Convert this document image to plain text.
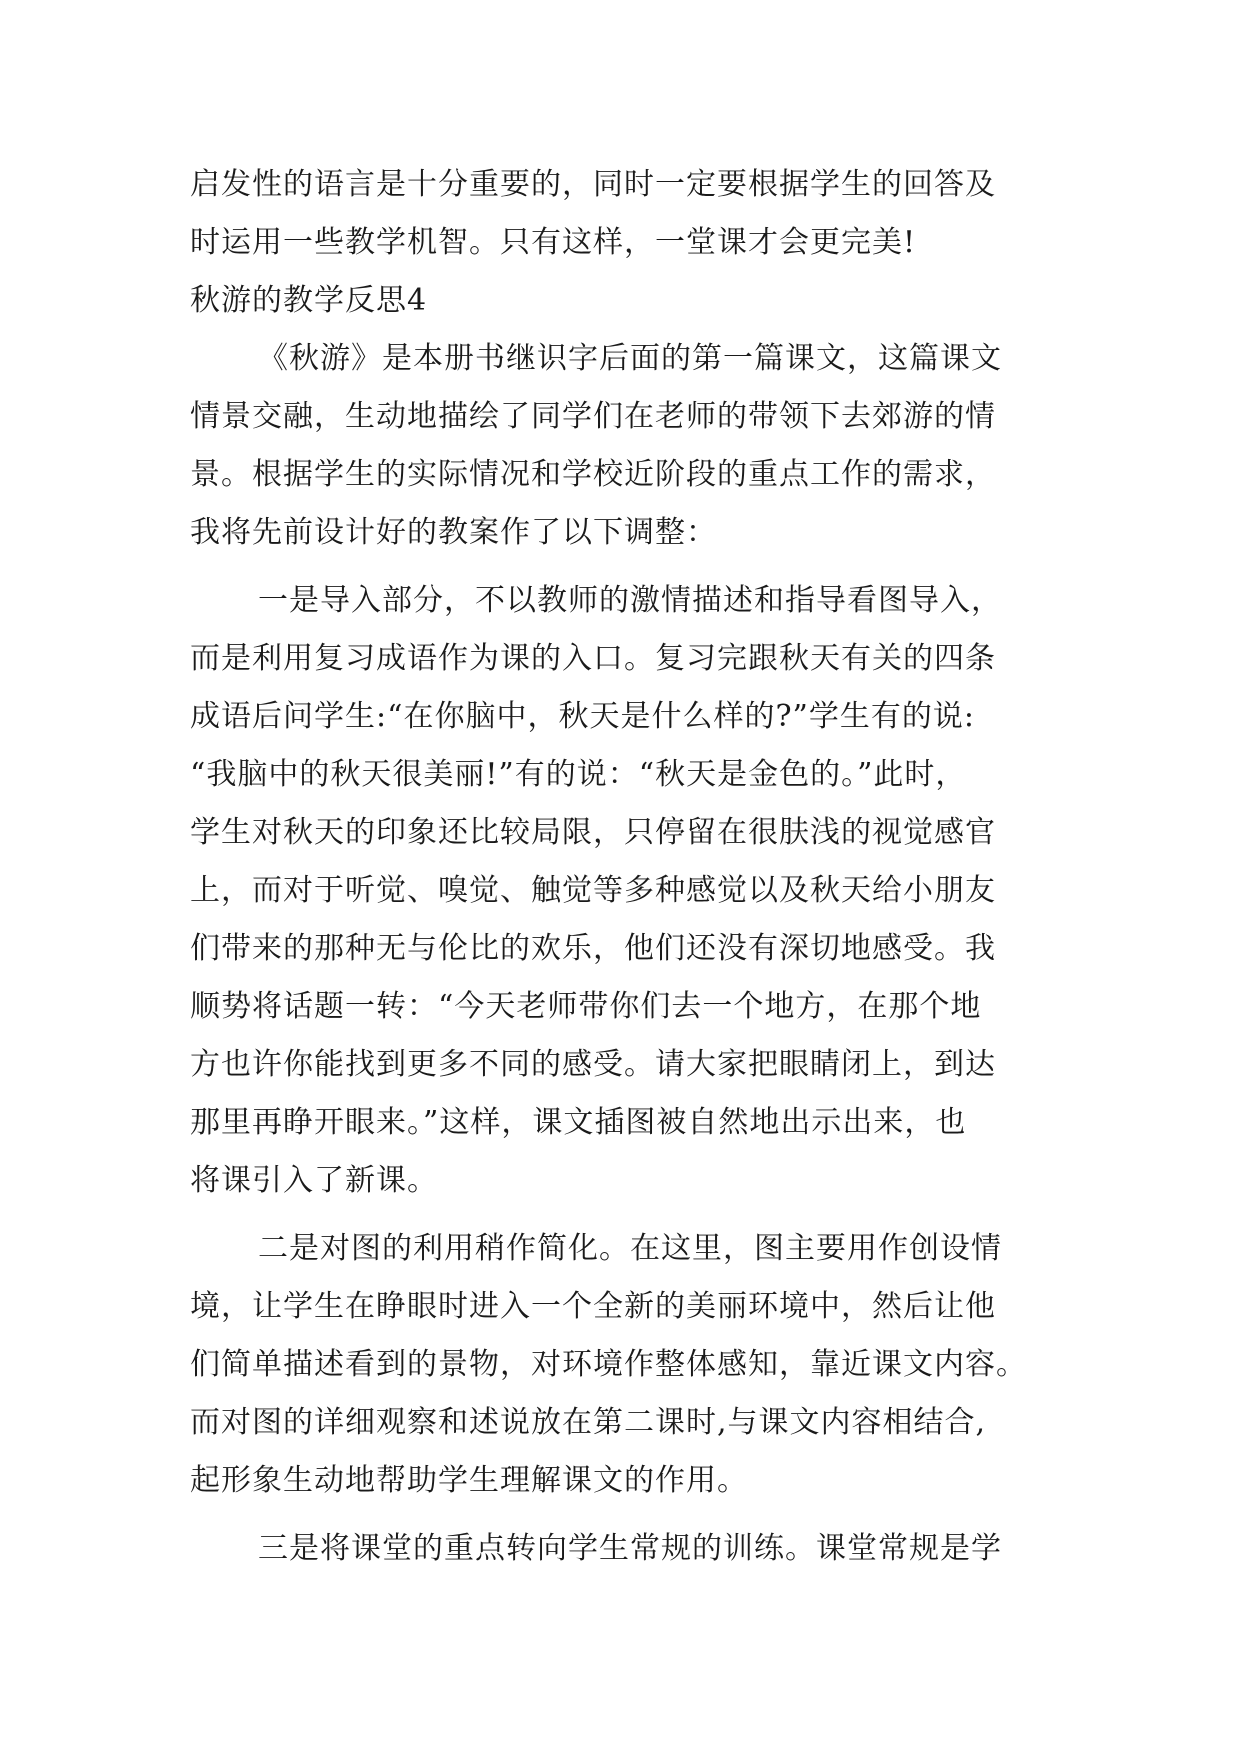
启发性的语言是十分重要的，同时一定要根据学生的回答及
时运用一些教学机智。只有这样，一堂课才会更完美!
秋游的教学反思4
《秋游》是本册书继识字后面的第一篇课文，这篇课文
情景交融，生动地描绘了同学们在老师的带领下去郊游的情
景。根据学生的实际情况和学校近阶段的重点工作的需求，
我将先前设计好的教案作了以下调整：
一是导入部分，不以教师的激情描述和指导看图导入，
而是利用复习成语作为课的入口。复习完跟秋天有关的四条
成语后问学生:“在你脑中，秋天是什么样的?”学生有的说:
“我脑中的秋天很美丽!”有的说：“秋天是金色的。”此时，
学生对秋天的印象还比较局限，只停留在很肤浅的视觉感官
上，而对于听觉、嗅觉、触觉等多种感觉以及秋天给小朋友
们带来的那种无与伦比的欢乐，他们还没有深切地感受。我
顺势将话题一转：“今天老师带你们去一个地方，在那个地
方也许你能找到更多不同的感受。请大家把眼睛闭上，到达
那里再睁开眼来。”这样，课文插图被自然地出示出来，也
将课引入了新课。
二是对图的利用稍作简化。在这里，图主要用作创设情
境，让学生在睁眼时进入一个全新的美丽环境中，然后让他
们简单描述看到的景物，对环境作整体感知，靠近课文内容。
而对图的详细观察和述说放在第二课时,与课文内容相结合,
起形象生动地帮助学生理解课文的作用。
三是将课堂的重点转向学生常规的训练。课堂常规是学
